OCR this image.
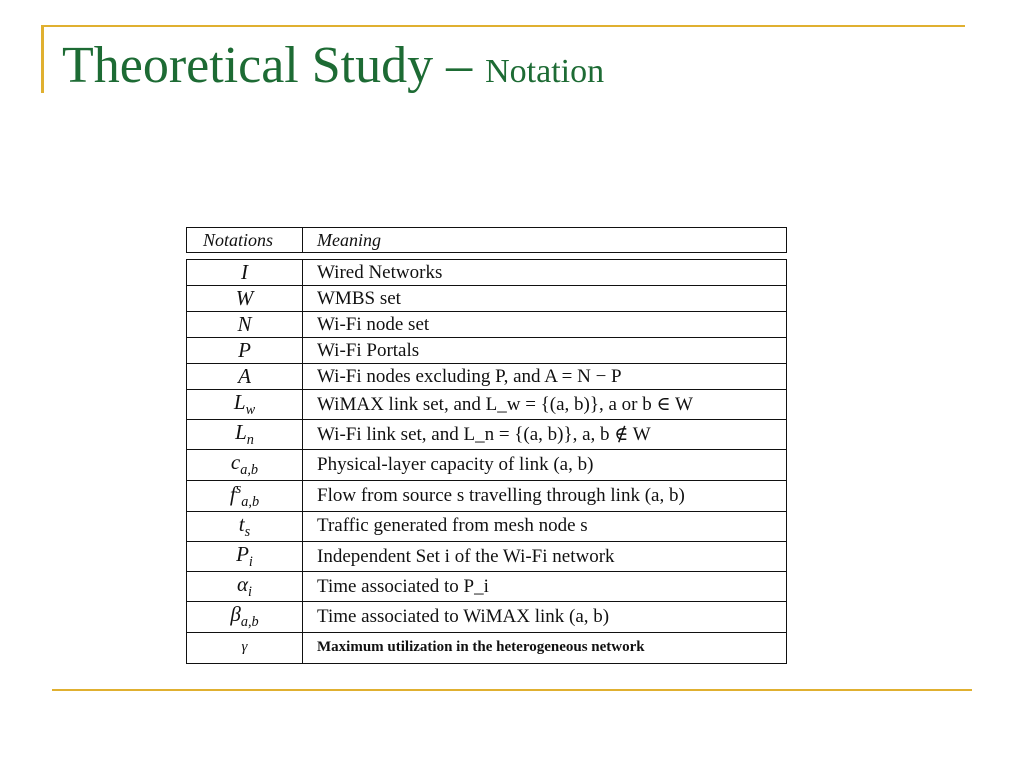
Theoretical Study – Notation
Notations	Meaning
I	Wired Networks
W	WMBS set
N	Wi-Fi node set
P	Wi-Fi Portals
A	Wi-Fi nodes excluding P, and A = N − P
$L_w$	WiMAX link set, and L_w = {(a, b)}, a or b ∈ W
$L_n$	Wi-Fi link set, and L_n = {(a, b)}, a, b ∉ W
$c_{a,b}$	Physical-layer capacity of link (a, b)
$f^s_{a,b}$	Flow from source s travelling through link (a, b)
$t_s$	Traffic generated from mesh node s
$P_i$	Independent Set i of the Wi-Fi network
$\alpha_i$	Time associated to P_i
$\beta_{a,b}$	Time associated to WiMAX link (a, b)
γ	Maximum utilization in the heterogeneous network
